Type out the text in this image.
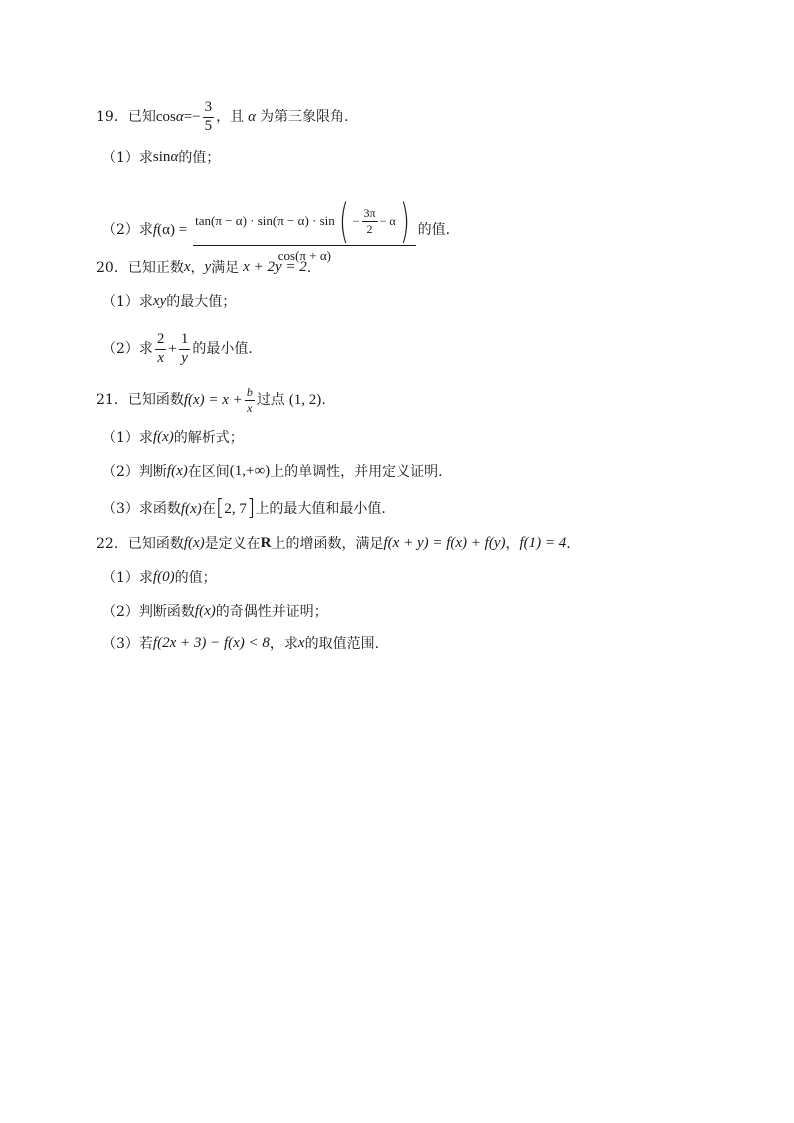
19．已知 $\cos \alpha =- \frac{3}{5}$ ，且 α 为第三象限角.
（1）求 sin α 的值；
（2）求 f (α) =
tan(π − α) · sin(π − α) · sin ( − $\frac{3\pi}{2} - \alpha$ )
cos(π + α)
的值.
20．已知正数 x ， y 满足 x + 2y = 2 .
（1）求 xy 的最大值；
（2）求 $\frac{2}{x} + \frac{1}{y}$ 的最小值.
21．已知函数 f $(x) = x + \frac{b}{x}$ 过点 (1, 2) .
（1）求 f (x) 的解析式；
（2）判断 f (x) 在区间 (1,+∞) 上的单调性，并用定义证明.
（3）求函数 f (x) 在 [ 2, 7 ] 上的最大值和最小值.
22．已知函数 f (x) 是定义在 R 上的增函数，满足 f(x + y) = f(x) + f(y) ， f(1) = 4 .
（1）求 f(0) 的值；
（2）判断函数 f(x) 的奇偶性并证明；
（3）若 f(2x + 3) − f(x) < 8 ，求 x 的取值范围.
